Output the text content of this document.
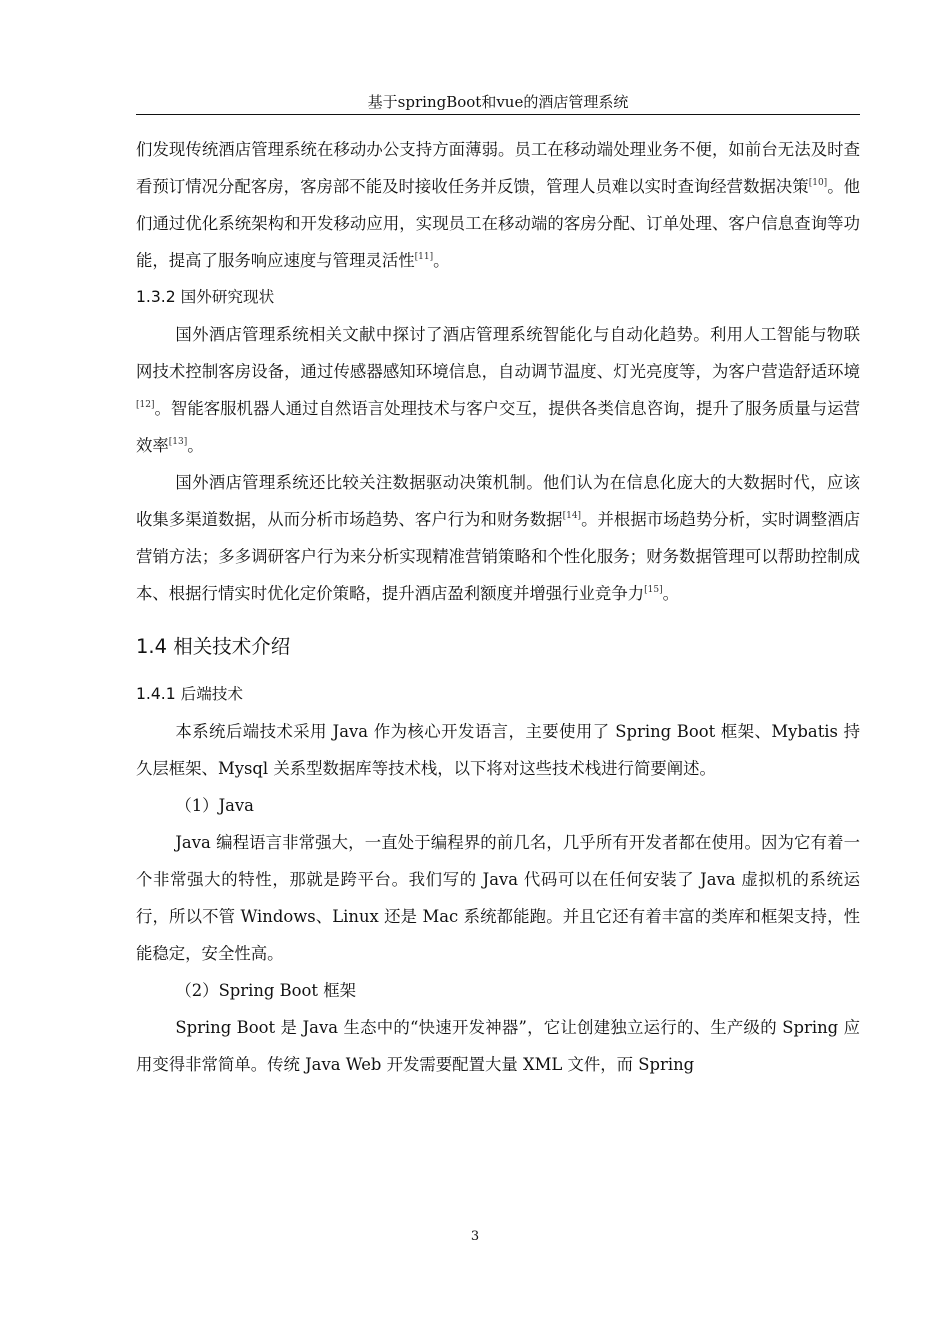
基于springBoot和vue的酒店管理系统

们发现传统酒店管理系统在移动办公支持方面薄弱。员工在移动端处理业务不便，如前台无法及时查看预订情况分配客房，客房部不能及时接收任务并反馈，管理人员难以实时查询经营数据决策[10]。他们通过优化系统架构和开发移动应用，实现员工在移动端的客房分配、订单处理、客户信息查询等功能，提高了服务响应速度与管理灵活性[11]。

1.3.2 国外研究现状

国外酒店管理系统相关文献中探讨了酒店管理系统智能化与自动化趋势。利用人工智能与物联网技术控制客房设备，通过传感器感知环境信息，自动调节温度、灯光亮度等，为客户营造舒适环境[12]。智能客服机器人通过自然语言处理技术与客户交互，提供各类信息咨询，提升了服务质量与运营效率[13]。

国外酒店管理系统还比较关注数据驱动决策机制。他们认为在信息化庞大的大数据时代，应该收集多渠道数据，从而分析市场趋势、客户行为和财务数据[14]。并根据市场趋势分析，实时调整酒店营销方法；多多调研客户行为来分析实现精准营销策略和个性化服务；财务数据管理可以帮助控制成本、根据行情实时优化定价策略，提升酒店盈利额度并增强行业竞争力[15]。

1.4 相关技术介绍
1.4.1 后端技术

本系统后端技术采用 Java 作为核心开发语言，主要使用了 Spring Boot 框架、Mybatis 持久层框架、Mysql 关系型数据库等技术栈，以下将对这些技术栈进行简要阐述。

（1）Java

Java 编程语言非常强大，一直处于编程界的前几名，几乎所有开发者都在使用。因为它有着一个非常强大的特性，那就是跨平台。我们写的 Java 代码可以在任何安装了 Java 虚拟机的系统运行，所以不管 Windows、Linux 还是 Mac 系统都能跑。并且它还有着丰富的类库和框架支持，性能稳定，安全性高。

（2）Spring Boot 框架

Spring Boot 是 Java 生态中的“快速开发神器”，它让创建独立运行的、生产级的 Spring 应用变得非常简单。传统 Java Web 开发需要配置大量 XML 文件，而 Spring

3
